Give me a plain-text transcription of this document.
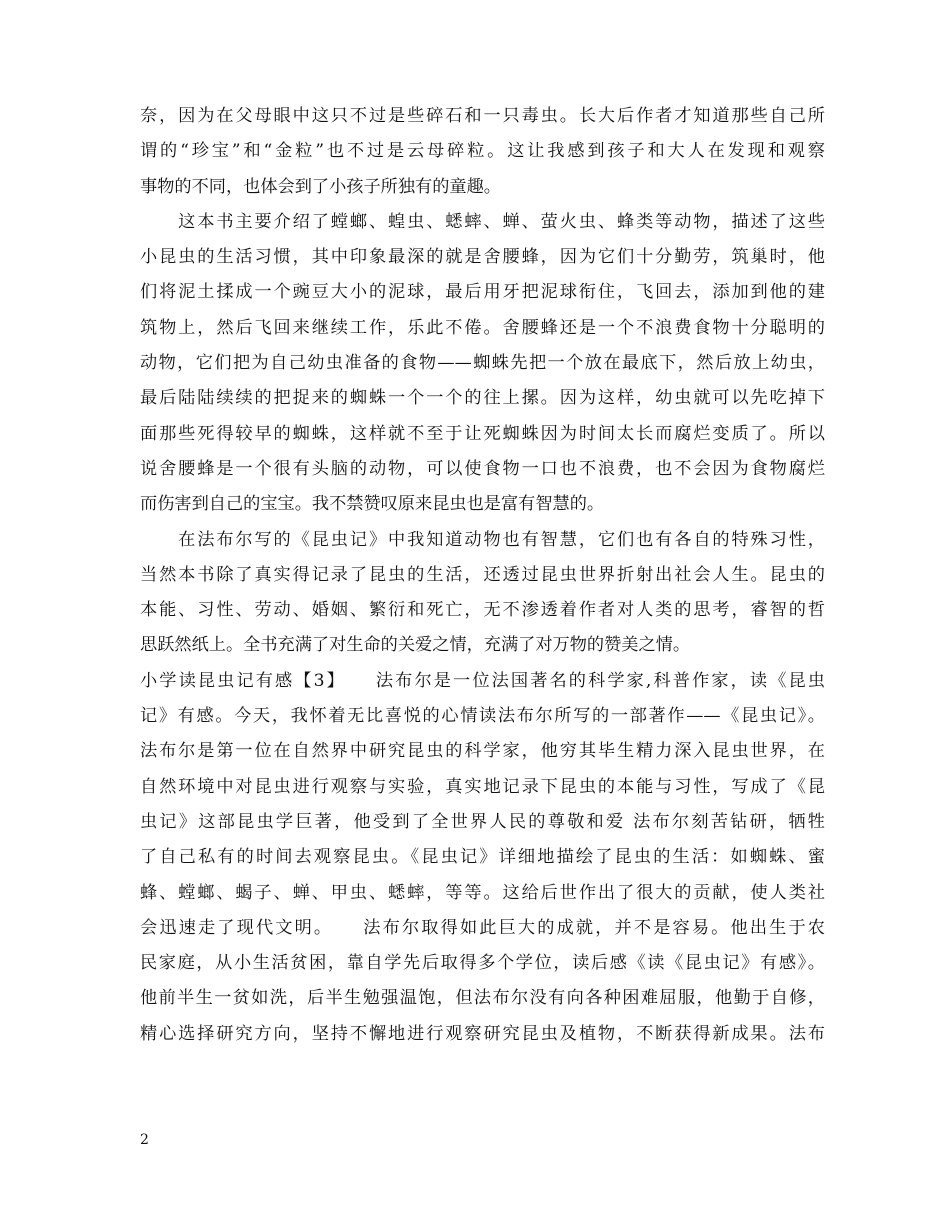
奈，因为在父母眼中这只不过是些碎石和一只毒虫。长大后作者才知道那些自己所
谓的“珍宝”和“金粒”也不过是云母碎粒。这让我感到孩子和大人在发现和观察
事物的不同，也体会到了小孩子所独有的童趣。
　　这本书主要介绍了螳螂、蝗虫、蟋蟀、蝉、萤火虫、蜂类等动物，描述了这些
小昆虫的生活习惯，其中印象最深的就是舍腰蜂，因为它们十分勤劳，筑巢时，他
们将泥土揉成一个豌豆大小的泥球，最后用牙把泥球衔住，飞回去，添加到他的建
筑物上，然后飞回来继续工作，乐此不倦。舍腰蜂还是一个不浪费食物十分聪明的
动物，它们把为自己幼虫准备的食物——蜘蛛先把一个放在最底下，然后放上幼虫，
最后陆陆续续的把捉来的蜘蛛一个一个的往上摞。因为这样，幼虫就可以先吃掉下
面那些死得较早的蜘蛛，这样就不至于让死蜘蛛因为时间太长而腐烂变质了。所以
说舍腰蜂是一个很有头脑的动物，可以使食物一口也不浪费，也不会因为食物腐烂
而伤害到自己的宝宝。我不禁赞叹原来昆虫也是富有智慧的。
　　在法布尔写的《昆虫记》中我知道动物也有智慧，它们也有各自的特殊习性，
当然本书除了真实得记录了昆虫的生活，还透过昆虫世界折射出社会人生。昆虫的
本能、习性、劳动、婚姻、繁衍和死亡，无不渗透着作者对人类的思考，睿智的哲
思跃然纸上。全书充满了对生命的关爱之情，充满了对万物的赞美之情。
小学读昆虫记有感【3】　　法布尔是一位法国著名的科学家,科普作家，读《昆虫
记》有感。今天，我怀着无比喜悦的心情读法布尔所写的一部著作——《昆虫记》。
法布尔是第一位在自然界中研究昆虫的科学家，他穷其毕生精力深入昆虫世界，在
自然环境中对昆虫进行观察与实验，真实地记录下昆虫的本能与习性，写成了《昆
虫记》这部昆虫学巨著，他受到了全世界人民的尊敬和爱 法布尔刻苦钻研，牺牲
了自己私有的时间去观察昆虫。《昆虫记》详细地描绘了昆虫的生活：如蜘蛛、蜜
蜂、螳螂、蝎子、蝉、甲虫、蟋蟀，等等。这给后世作出了很大的贡献，使人类社
会迅速走了现代文明。　　法布尔取得如此巨大的成就，并不是容易。他出生于农
民家庭，从小生活贫困，靠自学先后取得多个学位，读后感《读《昆虫记》有感》。
他前半生一贫如洗，后半生勉强温饱，但法布尔没有向各种困难屈服，他勤于自修，
精心选择研究方向，坚持不懈地进行观察研究昆虫及植物，不断获得新成果。法布
2
